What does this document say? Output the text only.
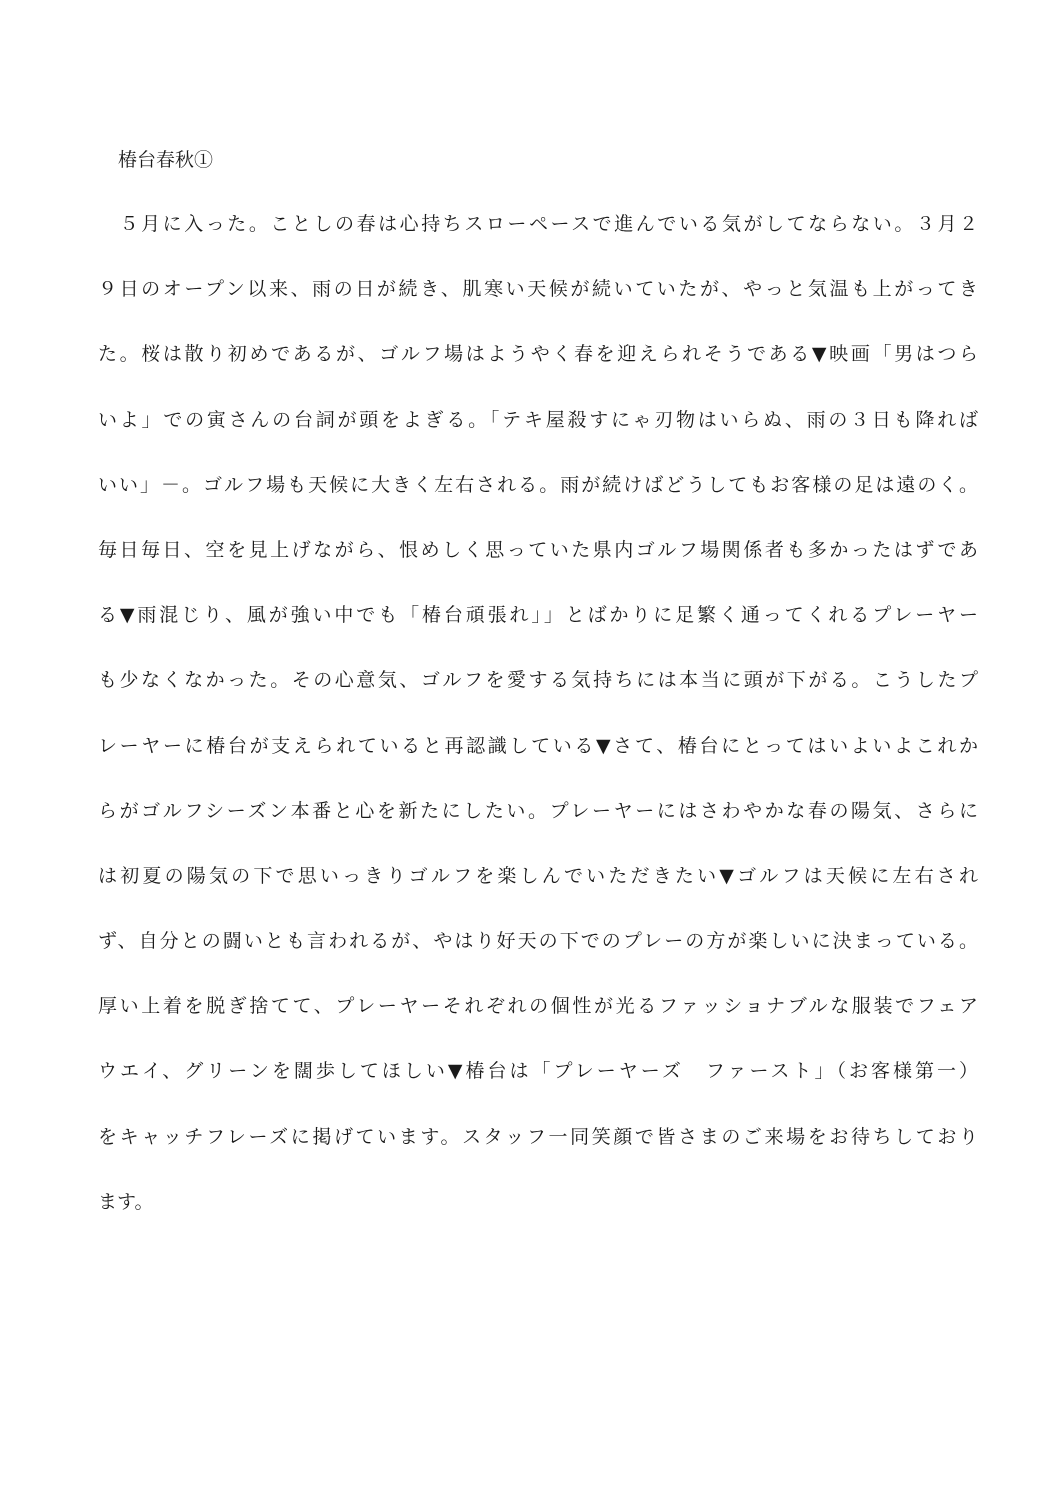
椿台春秋①
　５月に入った。ことしの春は心持ちスローペースで進んでいる気がしてならない。３月２
９日のオープン以来、雨の日が続き、肌寒い天候が続いていたが、やっと気温も上がってき
た。桜は散り初めであるが、ゴルフ場はようやく春を迎えられそうである▼映画「男はつら
いよ」での寅さんの台詞が頭をよぎる。「テキ屋殺すにゃ刃物はいらぬ、雨の３日も降れば
いい」－。ゴルフ場も天候に大きく左右される。雨が続けばどうしてもお客様の足は遠のく。
毎日毎日、空を見上げながら、恨めしく思っていた県内ゴルフ場関係者も多かったはずであ
る▼雨混じり、風が強い中でも「椿台頑張れ」」とばかりに足繁く通ってくれるプレーヤー
も少なくなかった。その心意気、ゴルフを愛する気持ちには本当に頭が下がる。こうしたプ
レーヤーに椿台が支えられていると再認識している▼さて、椿台にとってはいよいよこれか
らがゴルフシーズン本番と心を新たにしたい。プレーヤーにはさわやかな春の陽気、さらに
は初夏の陽気の下で思いっきりゴルフを楽しんでいただきたい▼ゴルフは天候に左右され
ず、自分との闘いとも言われるが、やはり好天の下でのプレーの方が楽しいに決まっている。
厚い上着を脱ぎ捨てて、プレーヤーそれぞれの個性が光るファッショナブルな服装でフェア
ウエイ、グリーンを闊歩してほしい▼椿台は「プレーヤーズ　ファースト」（お客様第一）
をキャッチフレーズに掲げています。スタッフ一同笑顔で皆さまのご来場をお待ちしており
ます。
